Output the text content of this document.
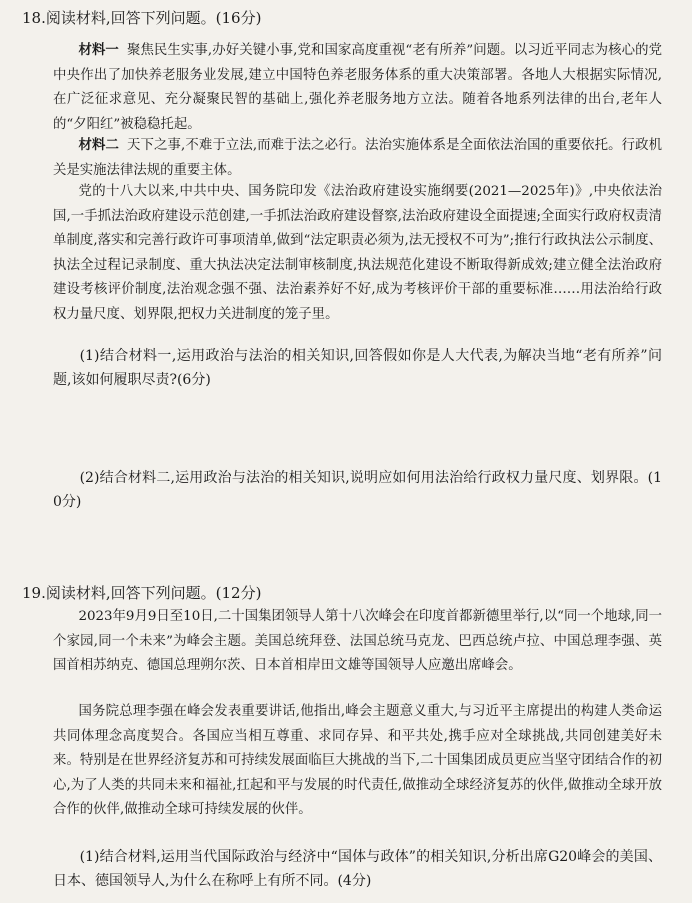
18.阅读材料,回答下列问题。(16分)

材料一 聚焦民生实事,办好关键小事,党和国家高度重视“老有所养”问题。以习近平同志为核心的党中央作出了加快养老服务业发展,建立中国特色养老服务体系的重大决策部署。各地人大根据实际情况,在广泛征求意见、充分凝聚民智的基础上,强化养老服务地方立法。随着各地系列法律的出台,老年人的“夕阳红”被稳稳托起。

材料二 天下之事,不难于立法,而难于法之必行。法治实施体系是全面依法治国的重要依托。行政机关是实施法律法规的重要主体。

党的十八大以来,中共中央、国务院印发《法治政府建设实施纲要(2021—2025年)》,中央依法治国,一手抓法治政府建设示范创建,一手抓法治政府建设督察,法治政府建设全面提速;全面实行政府权责清单制度,落实和完善行政许可事项清单,做到“法定职责必须为,法无授权不可为”;推行行政执法公示制度、执法全过程记录制度、重大执法决定法制审核制度,执法规范化建设不断取得新成效;建立健全法治政府建设考核评价制度,法治观念强不强、法治素养好不好,成为考核评价干部的重要标准……用法治给行政权力量尺度、划界限,把权力关进制度的笼子里。

(1)结合材料一,运用政治与法治的相关知识,回答假如你是人大代表,为解决当地“老有所养”问题,该如何履职尽责?(6分)

(2)结合材料二,运用政治与法治的相关知识,说明应如何用法治给行政权力量尺度、划界限。(10分)

19.阅读材料,回答下列问题。(12分)

2023年9月9日至10日,二十国集团领导人第十八次峰会在印度首都新德里举行,以“同一个地球,同一个家园,同一个未来”为峰会主题。美国总统拜登、法国总统马克龙、巴西总统卢拉、中国总理李强、英国首相苏纳克、德国总理朔尔茨、日本首相岸田文雄等国领导人应邀出席峰会。

国务院总理李强在峰会发表重要讲话,他指出,峰会主题意义重大,与习近平主席提出的构建人类命运共同体理念高度契合。各国应当相互尊重、求同存异、和平共处,携手应对全球挑战,共同创建美好未来。特别是在世界经济复苏和可持续发展面临巨大挑战的当下,二十国集团成员更应当坚守团结合作的初心,为了人类的共同未来和福祉,扛起和平与发展的时代责任,做推动全球经济复苏的伙伴,做推动全球开放合作的伙伴,做推动全球可持续发展的伙伴。

(1)结合材料,运用当代国际政治与经济中“国体与政体”的相关知识,分析出席G20峰会的美国、日本、德国领导人,为什么在称呼上有所不同。(4分)
